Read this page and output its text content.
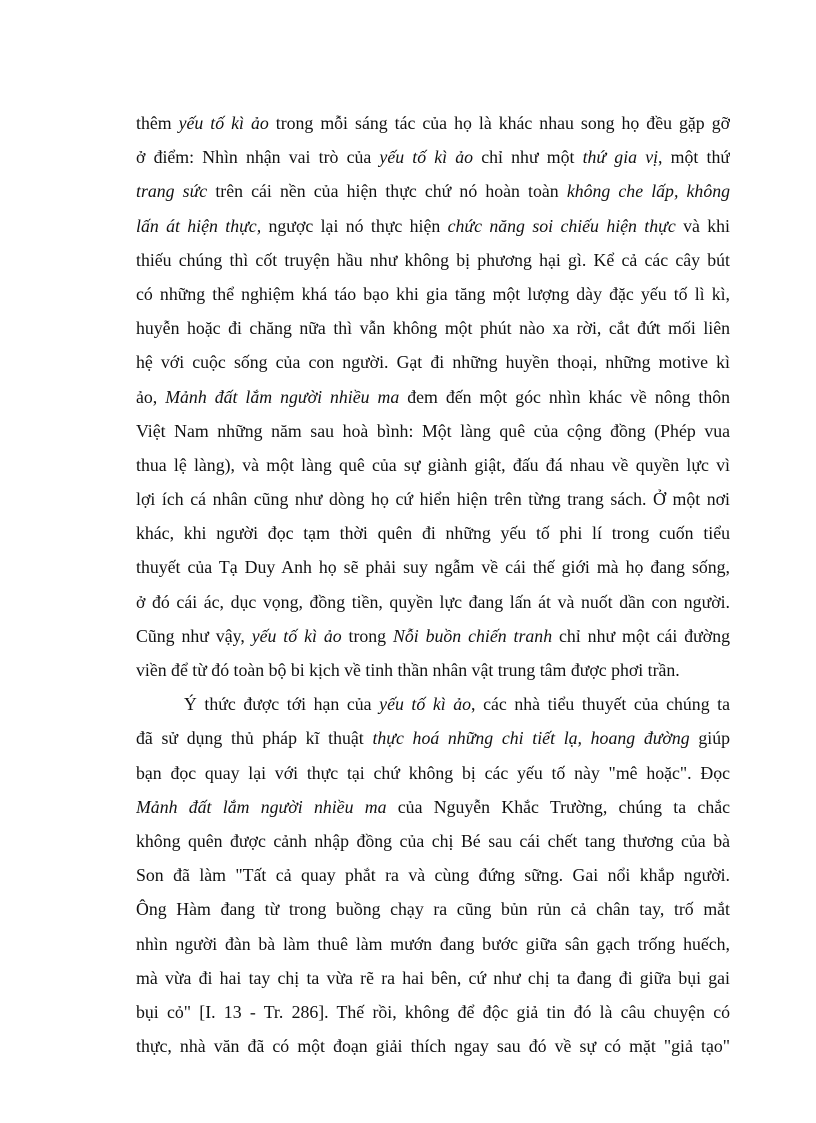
thêm yếu tố kì ảo trong mỗi sáng tác của họ là khác nhau song họ đều gặp gỡ
ở điểm: Nhìn nhận vai trò của yếu tố kì ảo chỉ như một thứ gia vị, một thứ
trang sức trên cái nền của hiện thực chứ nó hoàn toàn không che lấp, không
lấn át hiện thực, ngược lại nó thực hiện chức năng soi chiếu hiện thực và khi
thiếu chúng thì cốt truyện hầu như không bị phương hại gì. Kể cả các cây bút
có những thể nghiệm khá táo bạo khi gia tăng một lượng dày đặc yếu tố lì kì,
huyễn hoặc đi chăng nữa thì vẫn không một phút nào xa rời, cắt đứt mối liên
hệ với cuộc sống của con người. Gạt đi những huyền thoại, những motive kì
ảo, Mảnh đất lắm người nhiều ma đem đến một góc nhìn khác về nông thôn
Việt Nam những năm sau hoà bình: Một làng quê của cộng đồng (Phép vua
thua lệ làng), và một làng quê của sự giành giật, đấu đá nhau về quyền lực vì
lợi ích cá nhân cũng như dòng họ cứ hiển hiện trên từng trang sách. Ở một nơi
khác, khi người đọc tạm thời quên đi những yếu tố phi lí trong cuốn tiểu
thuyết của Tạ Duy Anh họ sẽ phải suy ngẫm về cái thế giới mà họ đang sống,
ở đó cái ác, dục vọng, đồng tiền, quyền lực đang lấn át và nuốt dần con người.
Cũng như vậy, yếu tố kì ảo trong Nỗi buồn chiến tranh chỉ như một cái đường
viền để từ đó toàn bộ bi kịch về tinh thần nhân vật trung tâm được phơi trần.
Ý thức được tới hạn của yếu tố kì ảo, các nhà tiểu thuyết của chúng ta
đã sử dụng thủ pháp kĩ thuật thực hoá những chi tiết lạ, hoang đường giúp
bạn đọc quay lại với thực tại chứ không bị các yếu tố này "mê hoặc". Đọc
Mảnh đất lắm người nhiều ma của Nguyễn Khắc Trường, chúng ta chắc
không quên được cảnh nhập đồng của chị Bé sau cái chết tang thương của bà
Son đã làm "Tất cả quay phắt ra và cùng đứng sững. Gai nổi khắp người.
Ông Hàm đang từ trong buồng chạy ra cũng bủn rủn cả chân tay, trố mắt
nhìn người đàn bà làm thuê làm mướn đang bước giữa sân gạch trống huếch,
mà vừa đi hai tay chị ta vừa rẽ ra hai bên, cứ như chị ta đang đi giữa bụi gai
bụi cỏ" [I. 13 - Tr. 286]. Thế rồi, không để độc giả tin đó là câu chuyện có
thực, nhà văn đã có một đoạn giải thích ngay sau đó về sự có mặt "giả tạo"
